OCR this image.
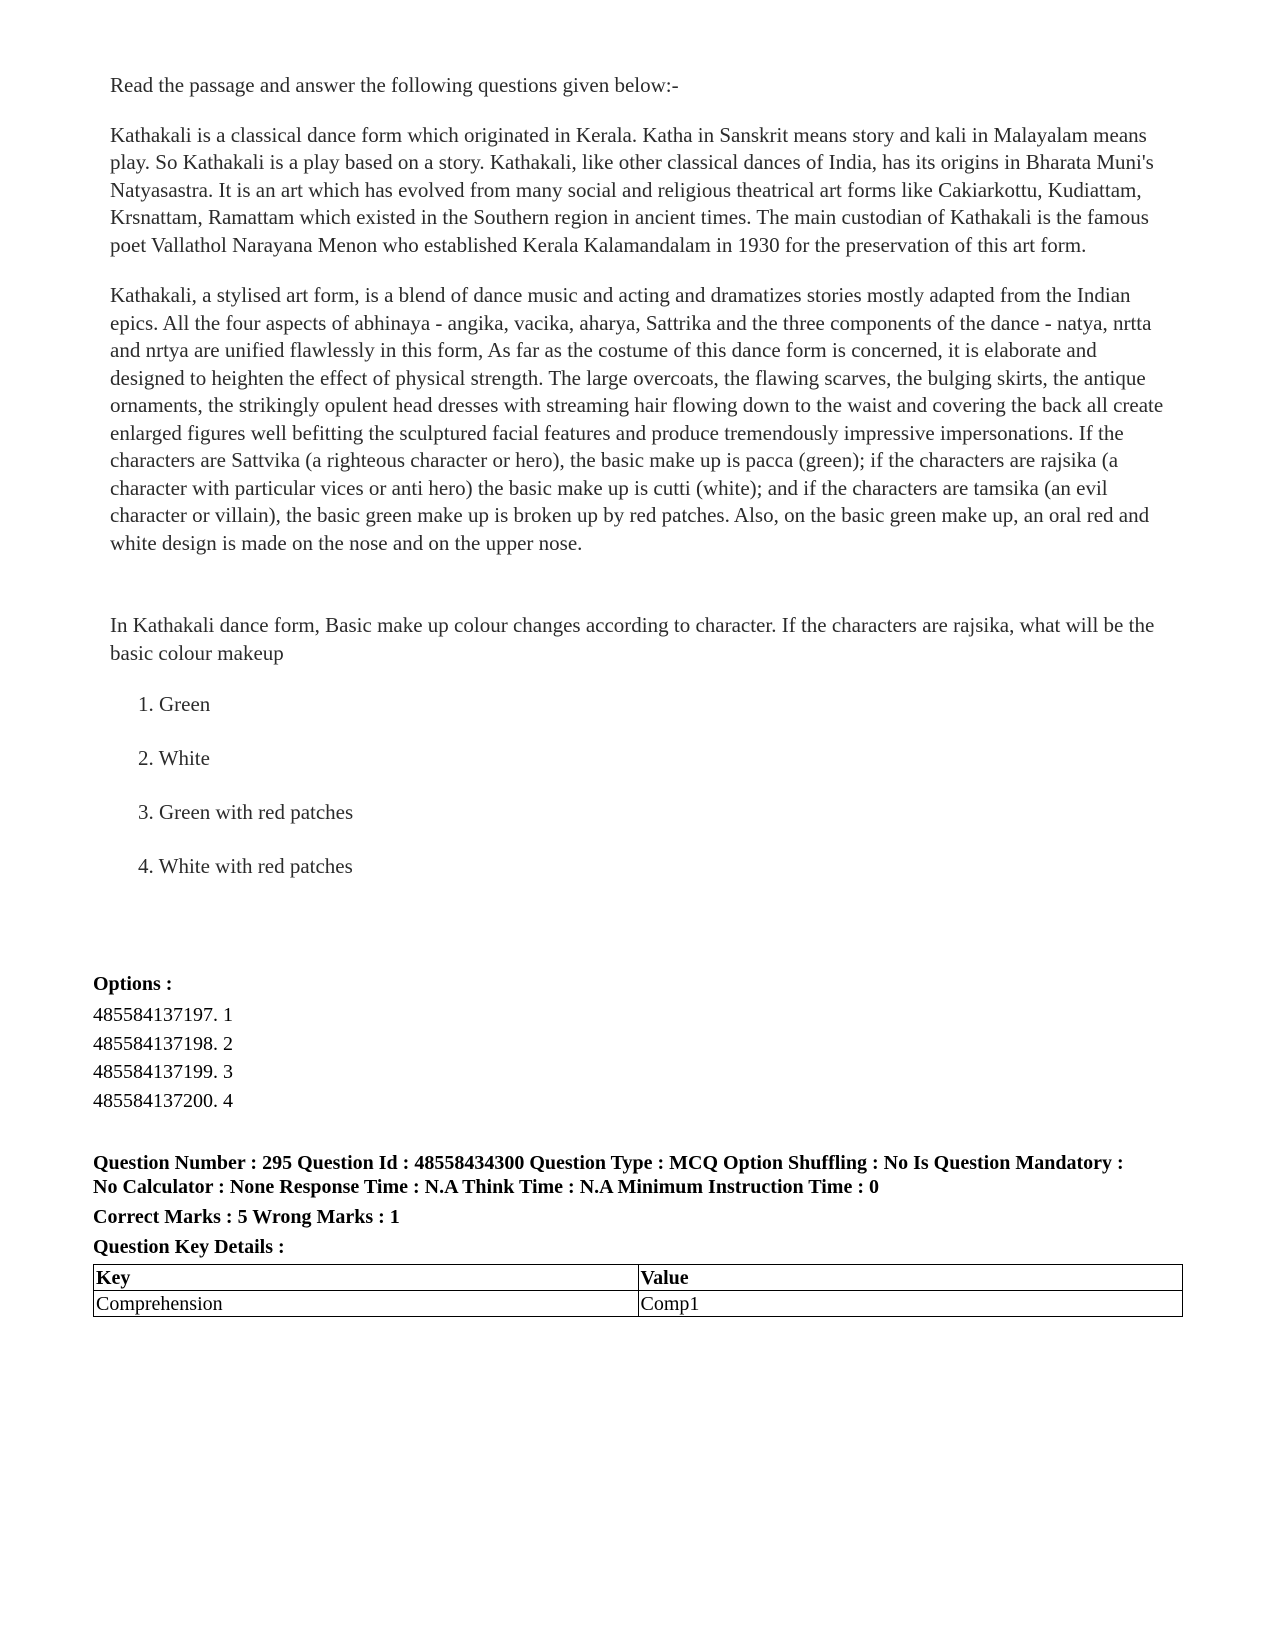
Read the passage and answer the following questions given below:-

Kathakali is a classical dance form which originated in Kerala. Katha in Sanskrit means story and kali in Malayalam means play. So Kathakali is a play based on a story. Kathakali, like other classical dances of India, has its origins in Bharata Muni's Natyasastra. It is an art which has evolved from many social and religious theatrical art forms like Cakiarkottu, Kudiattam, Krsnattam, Ramattam which existed in the Southern region in ancient times. The main custodian of Kathakali is the famous poet Vallathol Narayana Menon who established Kerala Kalamandalam in 1930 for the preservation of this art form.

Kathakali, a stylised art form, is a blend of dance music and acting and dramatizes stories mostly adapted from the Indian epics. All the four aspects of abhinaya - angika, vacika, aharya, Sattrika and the three components of the dance - natya, nrtta and nrtya are unified flawlessly in this form, As far as the costume of this dance form is concerned, it is elaborate and designed to heighten the effect of physical strength. The large overcoats, the flawing scarves, the bulging skirts, the antique ornaments, the strikingly opulent head dresses with streaming hair flowing down to the waist and covering the back all create enlarged figures well befitting the sculptured facial features and produce tremendously impressive impersonations. If the characters are Sattvika (a righteous character or hero), the basic make up is pacca (green); if the characters are rajsika (a character with particular vices or anti hero) the basic make up is cutti (white); and if the characters are tamsika (an evil character or villain), the basic green make up is broken up by red patches. Also, on the basic green make up, an oral red and white design is made on the nose and on the upper nose.

In Kathakali dance form, Basic make up colour changes according to character. If the characters are rajsika, what will be the basic colour makeup

1. Green
2. White
3. Green with red patches
4. White with red patches
Options :
485584137197. 1
485584137198. 2
485584137199. 3
485584137200. 4
Question Number : 295 Question Id : 48558434300 Question Type : MCQ Option Shuffling : No Is Question Mandatory :
No Calculator : None Response Time : N.A Think Time : N.A Minimum Instruction Time : 0
Correct Marks : 5 Wrong Marks : 1
Question Key Details :
Key	Value
Comprehension	Comp1
